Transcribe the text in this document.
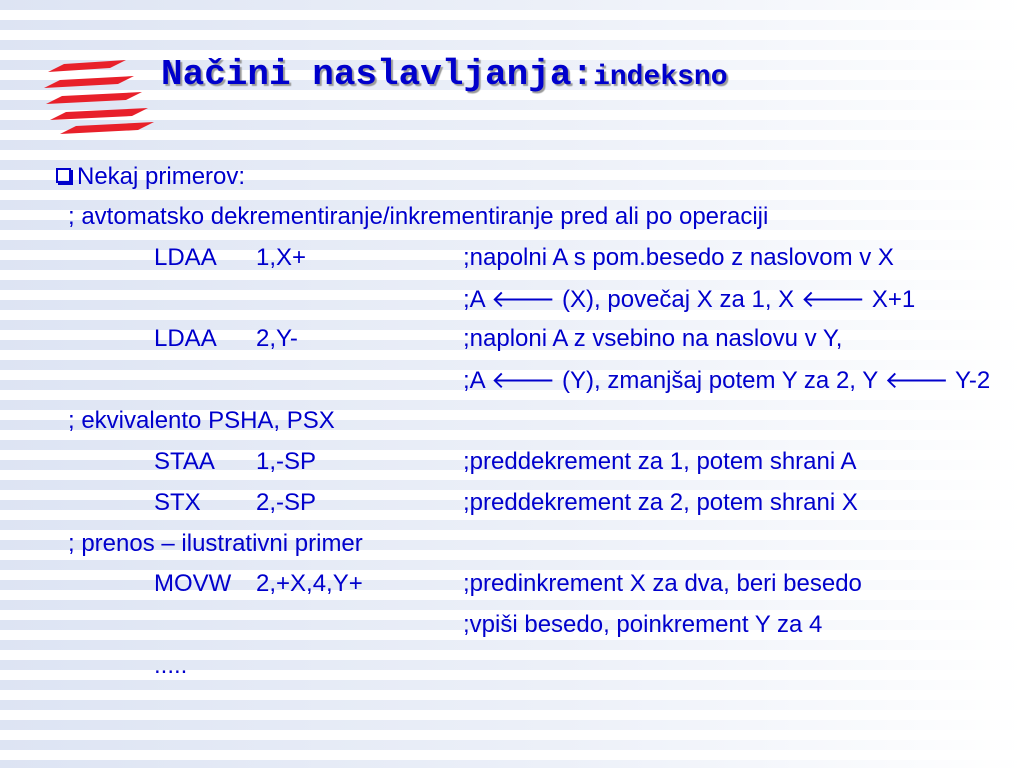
Načini naslavljanja:indeksno
Nekaj primerov:
; avtomatsko dekrementiranje/inkrementiranje pred ali po operaciji
LDAA 1,X+	;napolni A s pom.besedo z naslovom v X
;A 🡐 (X), povečaj X za 1, X 🡐 X+1
LDAA 2,Y-	;naploni A z vsebino na naslovu v Y,
;A 🡐 (Y), zmanjšaj potem Y za 2, Y 🡐 Y-2
; ekvivalento PSHA, PSX
STAA 1,-SP	;preddekrement za 1, potem shrani A
STX 2,-SP	;preddekrement za 2, potem shrani X
; prenos – ilustrativni primer
MOVW 2,+X,4,Y+	;predinkrement X za dva, beri besedo
;vpiši besedo, poinkrement Y za 4
.....
